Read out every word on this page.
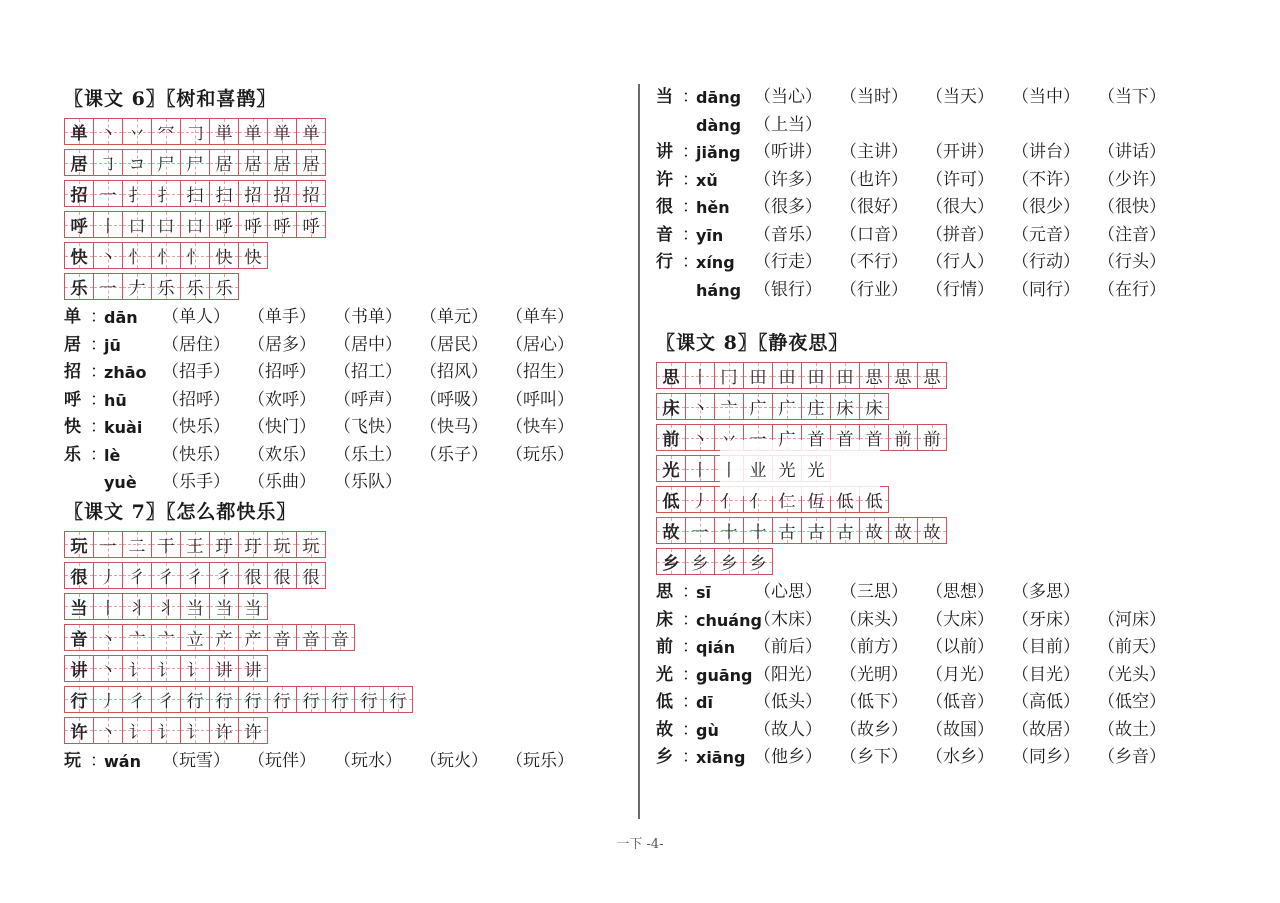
〖课文 6〗〖树和喜鹊〗
单 丶 丷 㓁 𠃌 単 单 单 单
居 ㇆ コ 尸 尸 居 居 居 居
招 一 扌 扌 扫 扫 招 招 招
呼 丨 口 口 口 呼 呼 呼 呼
快 丶 忄 忄 忄 快 快
乐 一 𠂇 乐 乐 乐
单 ：
dān	（单人）	（单手）	（书单）	（单元）	（单车）
居 ：
jū	（居住）	（居多）	（居中）	（居民）	（居心）
招 ：
zhāo （招手）	（招呼）	（招工）	（招风）	（招生）
呼 ：
hū	（招呼）	（欢呼）	（呼声）	（呼吸）	（呼叫）
快 ：
kuài	（快乐）	（快门）	（飞快）	（快马）	（快车）
乐 ：
lè	（快乐）	（欢乐）	（乐土）	（乐子）	（玩乐）
yuè	（乐手）	（乐曲）	（乐队）
〖课文 7〗〖怎么都快乐〗
玩 一 二 干 王 玗 玗 玩 玩
很 丿 彳 彳 彳 彳 很 很 很
当 丨 丬 丬 当 当 当
音 丶 亠 亠 立 产 产 音 音 音
讲 丶 讠 讠 讠 讲 讲
行 丿 彳 彳 行 行 行 行 行 行 行 行
许 丶 讠 讠 讠 许 许
玩 ：
wán	（玩雪）	（玩伴）	（玩水）	（玩火）	（玩乐）
当 ：
dāng （当心）	（当时）	（当天）	（当中）	（当下）
dàng （上当）
讲 ：
jiǎng （听讲）	（主讲）	（开讲）	（讲台）	（讲话）
许 ：
xǔ	（许多）	（也许）	（许可）	（不许）	（少许）
很 ：
hěn	（很多）	（很好）	（很大）	（很少）	（很快）
音 ：
yīn	（音乐）	（口音）	（拼音）	（元音）	（注音）
行 ：
xíng	（行走）	（不行）	（行人）	（行动）	（行头）
háng （银行）	（行业）	（行情）	（同行）	（在行）
〖课文 8〗〖静夜思〗
思 丨 冂 田 田 田 田 思 思 思
床 丶 亠 广 广 庄 床 床
前 丶 丷 一 广 首 首 首 前 前
光 丨 丨 业 光 光
低 丿 亻 亻 仁 仾 低 低
故 一 十 十 古 古 古 故 故 故
乡 乡 乡 乡
思 ：
sī	（心思）	（三思）	（思想）	（多思）
床 ：
chuáng
（木床）	（床头）	（大床）	（牙床）	（河床）
前 ：
qián	（前后）	（前方）	（以前）	（目前）	（前天）
光 ：
guāng （阳光）	（光明）	（月光）	（目光）	（光头）
低 ：
dī	（低头）	（低下）	（低音）	（高低）	（低空）
故 ：
gù	（故人）	（故乡）	（故国）	（故居）	（故土）
乡 ：
xiāng （他乡）	（乡下）	（水乡）	（同乡）	（乡音）
一下 -4-
